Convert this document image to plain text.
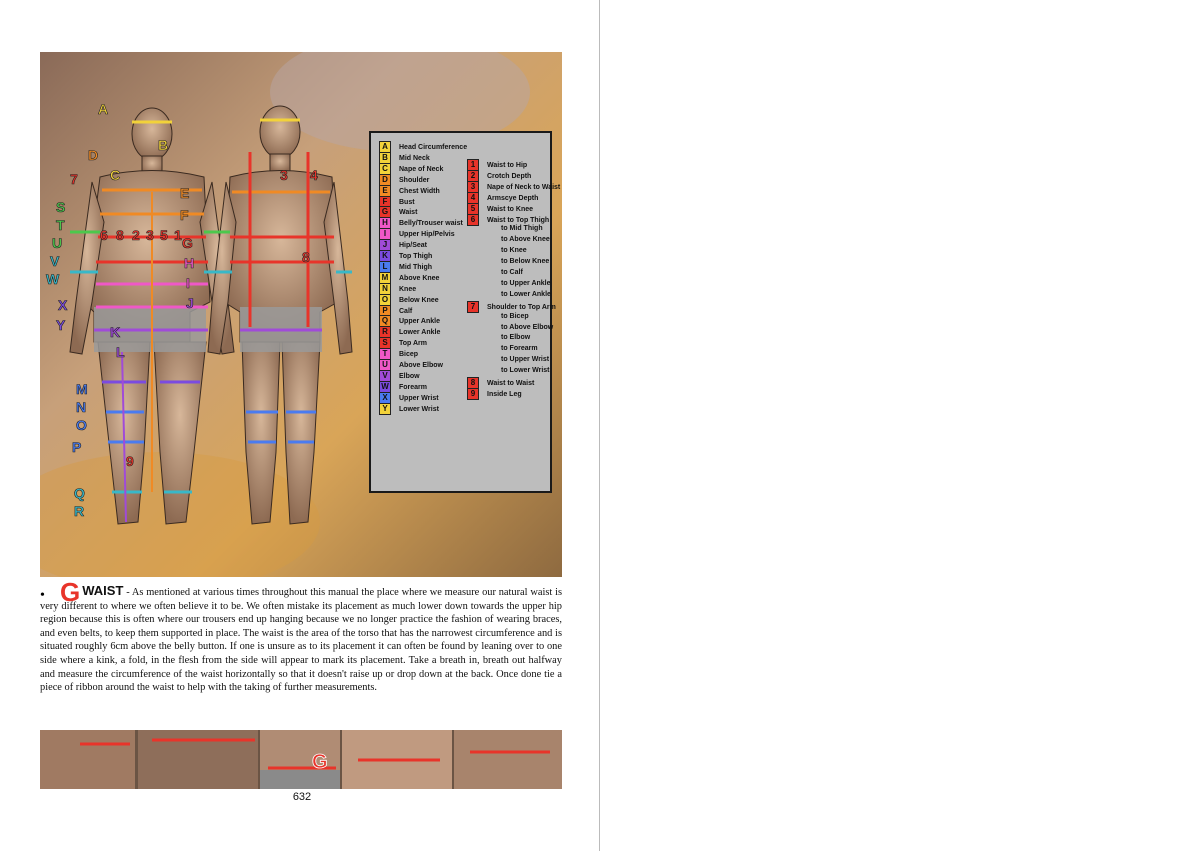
A
B
C
D
7
S
T
U
V
W
X
Y	K
L
M
N
O
P
Q
R
E
F
G
H
I
J
6 8 2 3 5 1
9
3 4
8
A Head Circumference
B Mid Neck
C Nape of Neck
D Shoulder
E Chest Width
F Bust
G Waist
H Belly/Trouser waist
I Upper Hip/Pelvis
J Hip/Seat
K Top Thigh
L Mid Thigh
M Above Knee
N Knee
O Below Knee
P Calf
Q Upper Ankle
R Lower Ankle
S Top Arm
T Bicep
U Above Elbow
V Elbow
W Forearm
X Upper Wrist
Y Lower Wrist
1 Waist to Hip
2 Crotch Depth
3 Nape of Neck to Waist
4 Armscye Depth
5 Waist to Knee
6 Waist to Top Thigh
to Mid Thigh
to Above Knee
to Knee
to Below Knee
to Calf
to Upper Ankle
to Lower Ankle
7 Shoulder to Top Arm
to Bicep
to Above Elbow
to Elbow
to Forearm
to Upper Wrist
to Lower Wrist
8 Waist to Waist
9 Inside Leg
• GWAIST - As mentioned at various times throughout this manual the place where we measure our natural waist is very different to where we often believe it to be. We often mistake its placement as much lower down towards the upper hip region because this is often where our trousers end up hanging because we no longer practice the fashion of wearing braces, and even belts, to keep them supported in place. The waist is the area of the torso that has the narrowest circumference and is situated roughly 6cm above the belly button. If one is unsure as to its placement it can often be found by leaning over to one side where a kink, a fold, in the flesh from the side will appear to mark its placement. Take a breath in, breath out halfway and measure the circumference of the waist horizontally so that it doesn't raise up or drop down at the back. Once done tie a piece of ribbon around the waist to help with the taking of further measurements.
G
632
